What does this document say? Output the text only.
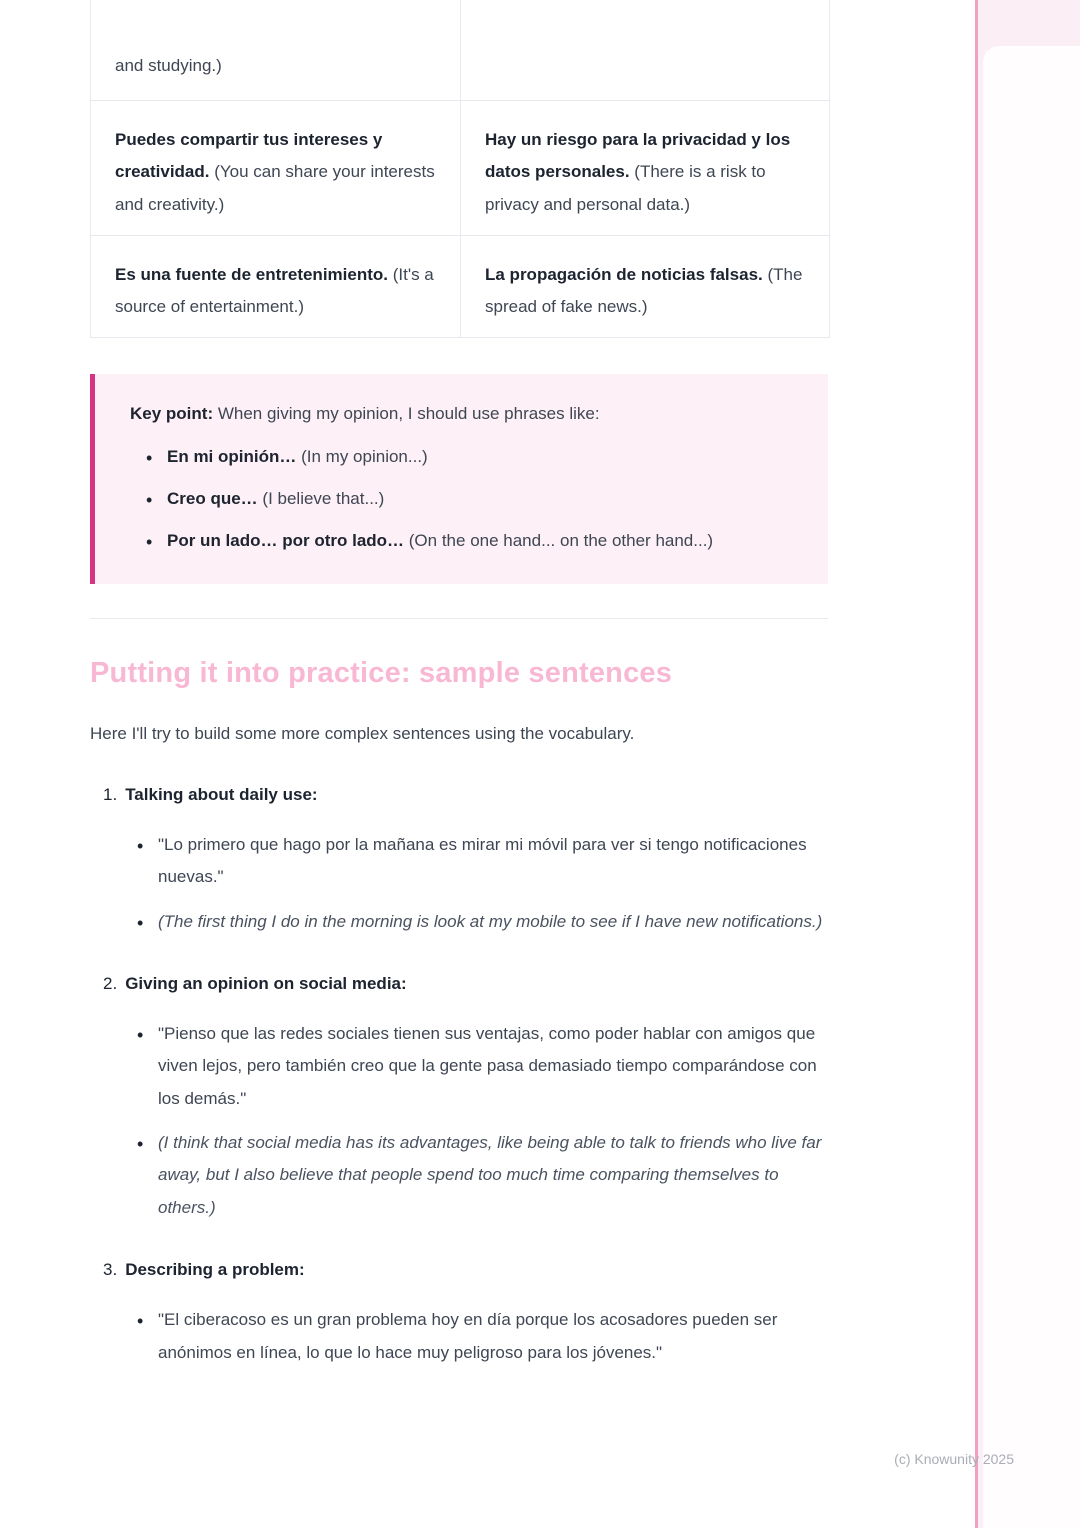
and studying.)
Puedes compartir tus intereses y creatividad. (You can share your interests and creativity.)
Hay un riesgo para la privacidad y los datos personales. (There is a risk to privacy and personal data.)
Es una fuente de entretenimiento. (It's a source of entertainment.)
La propagación de noticias falsas. (The spread of fake news.)
Key point: When giving my opinion, I should use phrases like:
• En mi opinión… (In my opinion...)
• Creo que… (I believe that...)
• Por un lado… por otro lado… (On the one hand... on the other hand...)
Putting it into practice: sample sentences

Here I'll try to build some more complex sentences using the vocabulary.

1. Talking about daily use:
• "Lo primero que hago por la mañana es mirar mi móvil para ver si tengo notificaciones nuevas."
• (The first thing I do in the morning is look at my mobile to see if I have new notifications.)
2. Giving an opinion on social media:
• "Pienso que las redes sociales tienen sus ventajas, como poder hablar con amigos que viven lejos, pero también creo que la gente pasa demasiado tiempo comparándose con los demás."
• (I think that social media has its advantages, like being able to talk to friends who live far away, but I also believe that people spend too much time comparing themselves to others.)
3. Describing a problem:
• "El ciberacoso es un gran problema hoy en día porque los acosadores pueden ser anónimos en línea, lo que lo hace muy peligroso para los jóvenes."
(c) Knowunity 2025
